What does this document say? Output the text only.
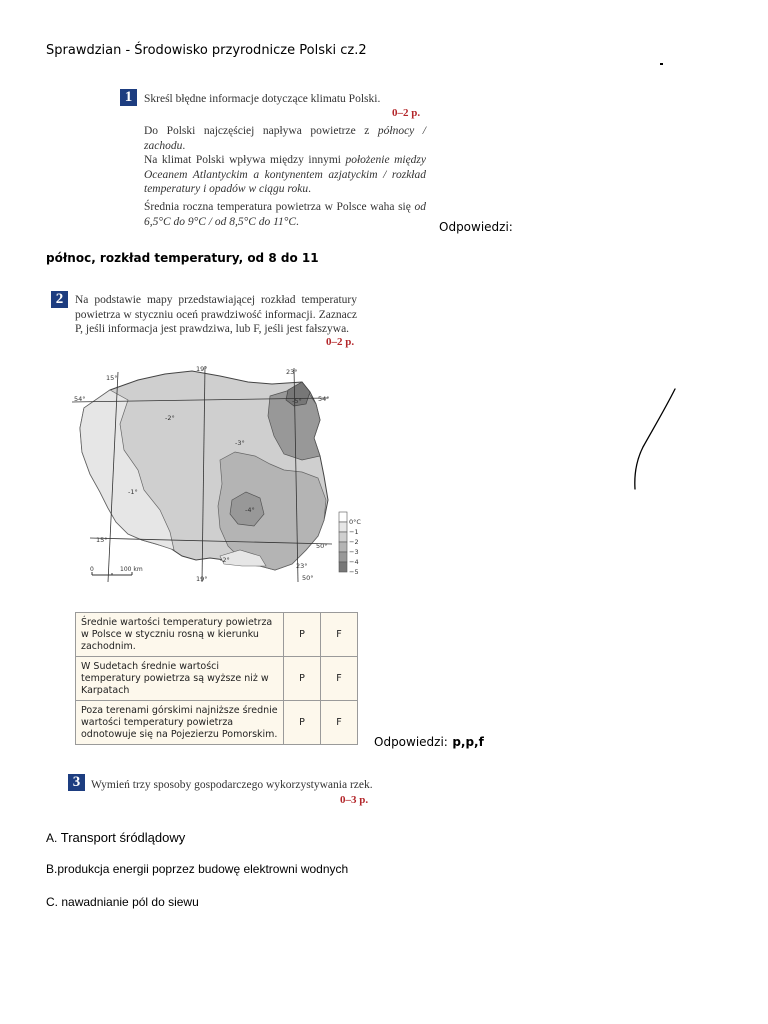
Sprawdzian - Środowisko przyrodnicze Polski cz.2
1	Skreśl błędne informacje dotyczące klimatu Polski.
0–2 p.
Do Polski najczęściej napływa powietrze z północy / zachodu.
Na klimat Polski wpływa między innymi położenie między Oceanem Atlantyckim a kontynentem azjatyckim / rozkład temperatury i opadów w ciągu roku.
Średnia roczna temperatura powietrza w Polsce waha się od 6,5°C do 9°C / od 8,5°C do 11°C.	Odpowiedzi:
północ, rozkład temperatury, od 8 do 11
2	Na podstawie mapy przedstawiającej rozkład temperatury powietrza w styczniu oceń prawdziwość informacji. Zaznacz P, jeśli informacja jest prawdziwa, lub F, jeśli jest fałszywa.
0–2 p.
15°
19°	23°
15°
19°
23°
54°	54°
50°
50°
-2°
-3°
-4°
-2°
-1°
-5°
0	100 km
0°C
−1
−2
−3
−4
−5
Średnie wartości temperatury powietrza w Polsce w styczniu rosną w kierunku zachodnim.	P	F
W Sudetach średnie wartości temperatury powietrza są wyższe niż w Karpatach	P	F
Poza terenami górskimi najniższe średnie wartości temperatury powietrza odnotowuje się na Pojezierzu Pomorskim.	P	F
Odpowiedzi: p,p,f
3 Wymień trzy sposoby gospodarczego wykorzystywania rzek.
0–3 p.
A. Transport śródlądowy
B.produkcja energii poprzez budowę elektrowni wodnych
C. nawadnianie pól do siewu
